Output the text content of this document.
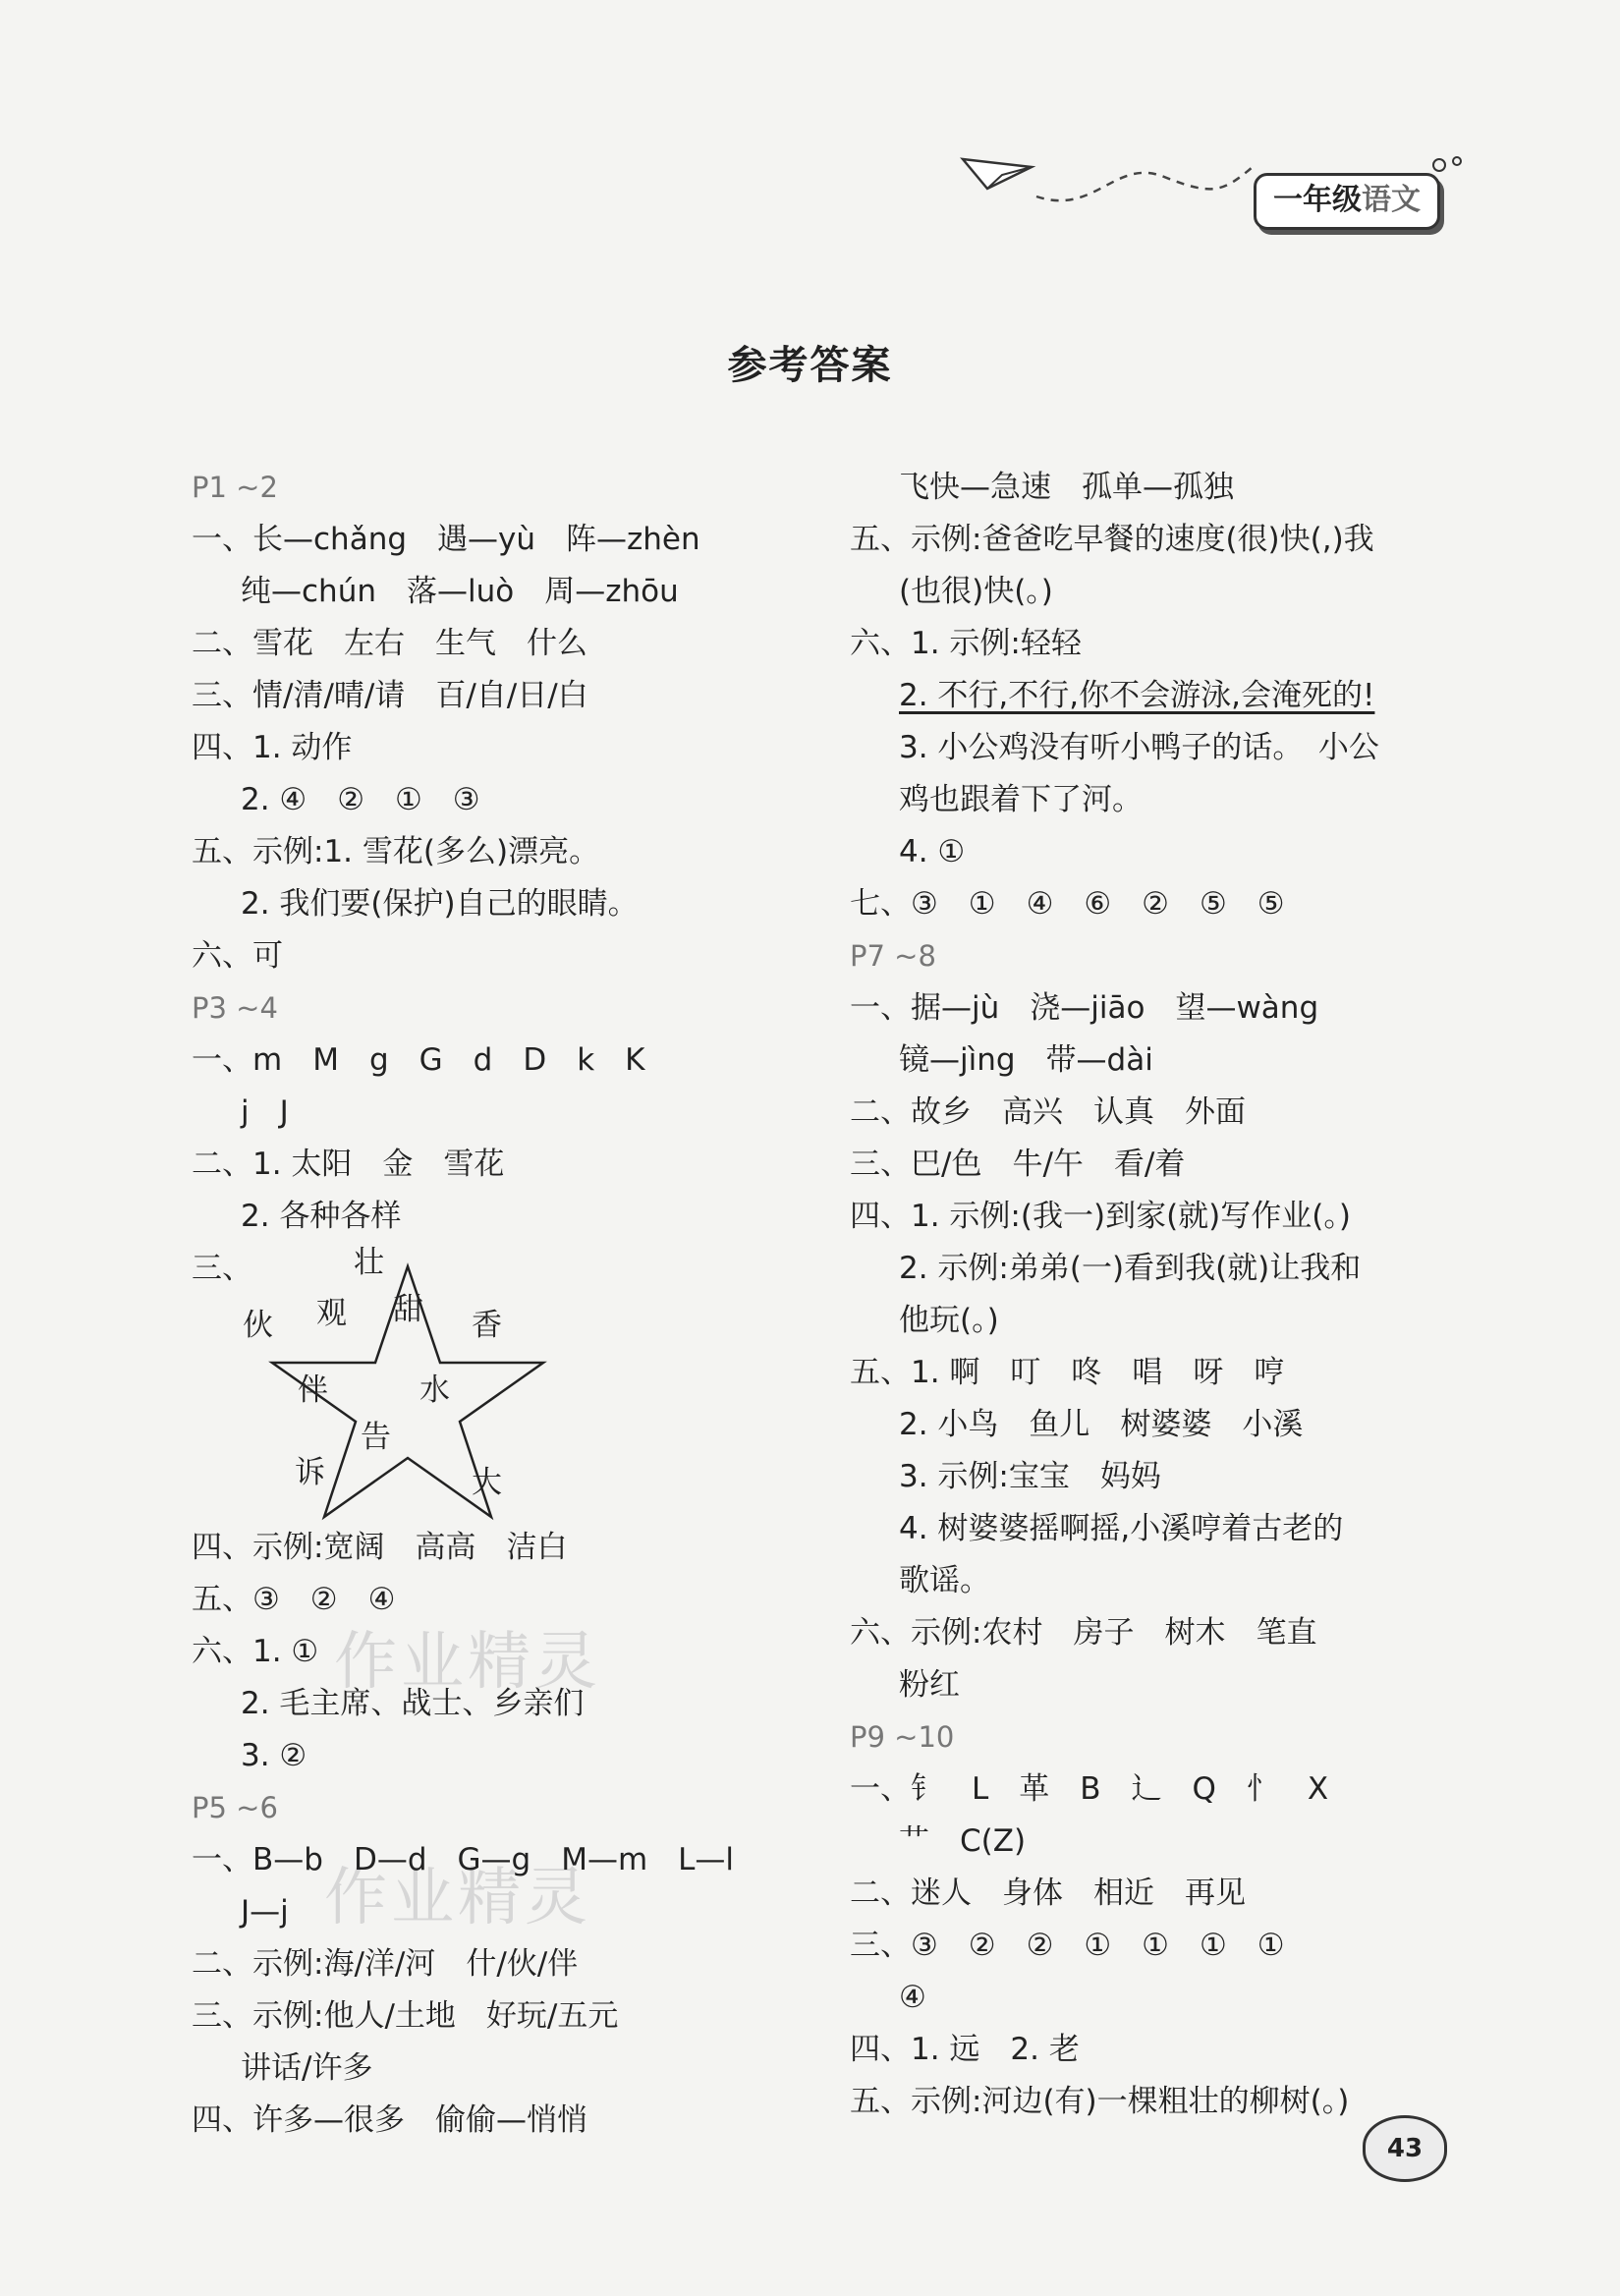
一年级语文
参考答案
作业精灵
作业精灵
P1 ~2
一、长—chǎng　遇—yù　阵—zhèn
纯—chún　落—luò　周—zhōu
二、雪花　左右　生气　什么
三、情/清/晴/请　百/自/日/白
四、1. 动作
2. ④　②　①　③
五、示例:1. 雪花(多么)漂亮。
2. 我们要(保护)自己的眼睛。
六、可
P3 ~4
一、m　M　g　G　d　D　k　K
j　J
二、1. 太阳　金　雪花
2. 各种各样
三、	壮
香
大
诉
伙 观 甜
水
告
伴
四、示例:宽阔　高高　洁白
五、③　②　④
六、1. ①
2. 毛主席、战士、乡亲们
3. ②
P5 ~6
一、B—b　D—d　G—g　M—m　L—l
J—j
二、示例:海/洋/河　什/伙/伴
三、示例:他人/土地　好玩/五元
讲话/许多
四、许多—很多　偷偷—悄悄
飞快—急速　孤单—孤独
五、示例:爸爸吃早餐的速度(很)快(,)我
(也很)快(。)
六、1. 示例:轻轻
2. 不行,不行,你不会游泳,会淹死的!
3. 小公鸡没有听小鸭子的话。　小公
鸡也跟着下了河。
4. ①
七、③　①　④　⑥　②　⑤　⑤
P7 ~8
一、据—jù　浇—jiāo　望—wàng
镜—jìng　带—dài
二、故乡　高兴　认真　外面
三、巴/色　牛/午　看/着
四、1. 示例:(我一)到家(就)写作业(。)
2. 示例:弟弟(一)看到我(就)让我和
他玩(。)
五、1. 啊　叮　咚　唱　呀　哼
2. 小鸟　鱼儿　树婆婆　小溪
3. 示例:宝宝　妈妈
4. 树婆婆摇啊摇,小溪哼着古老的
歌谣。
六、示例:农村　房子　树木　笔直
粉红
P9 ~10
一、钅　L　革　B　辶　Q　忄　X
艹　C(Z)
二、迷人　身体　相近　再见
三、③　②　②　①　①　①　①
④
四、1. 远　2. 老
五、示例:河边(有)一棵粗壮的柳树(。)
43
